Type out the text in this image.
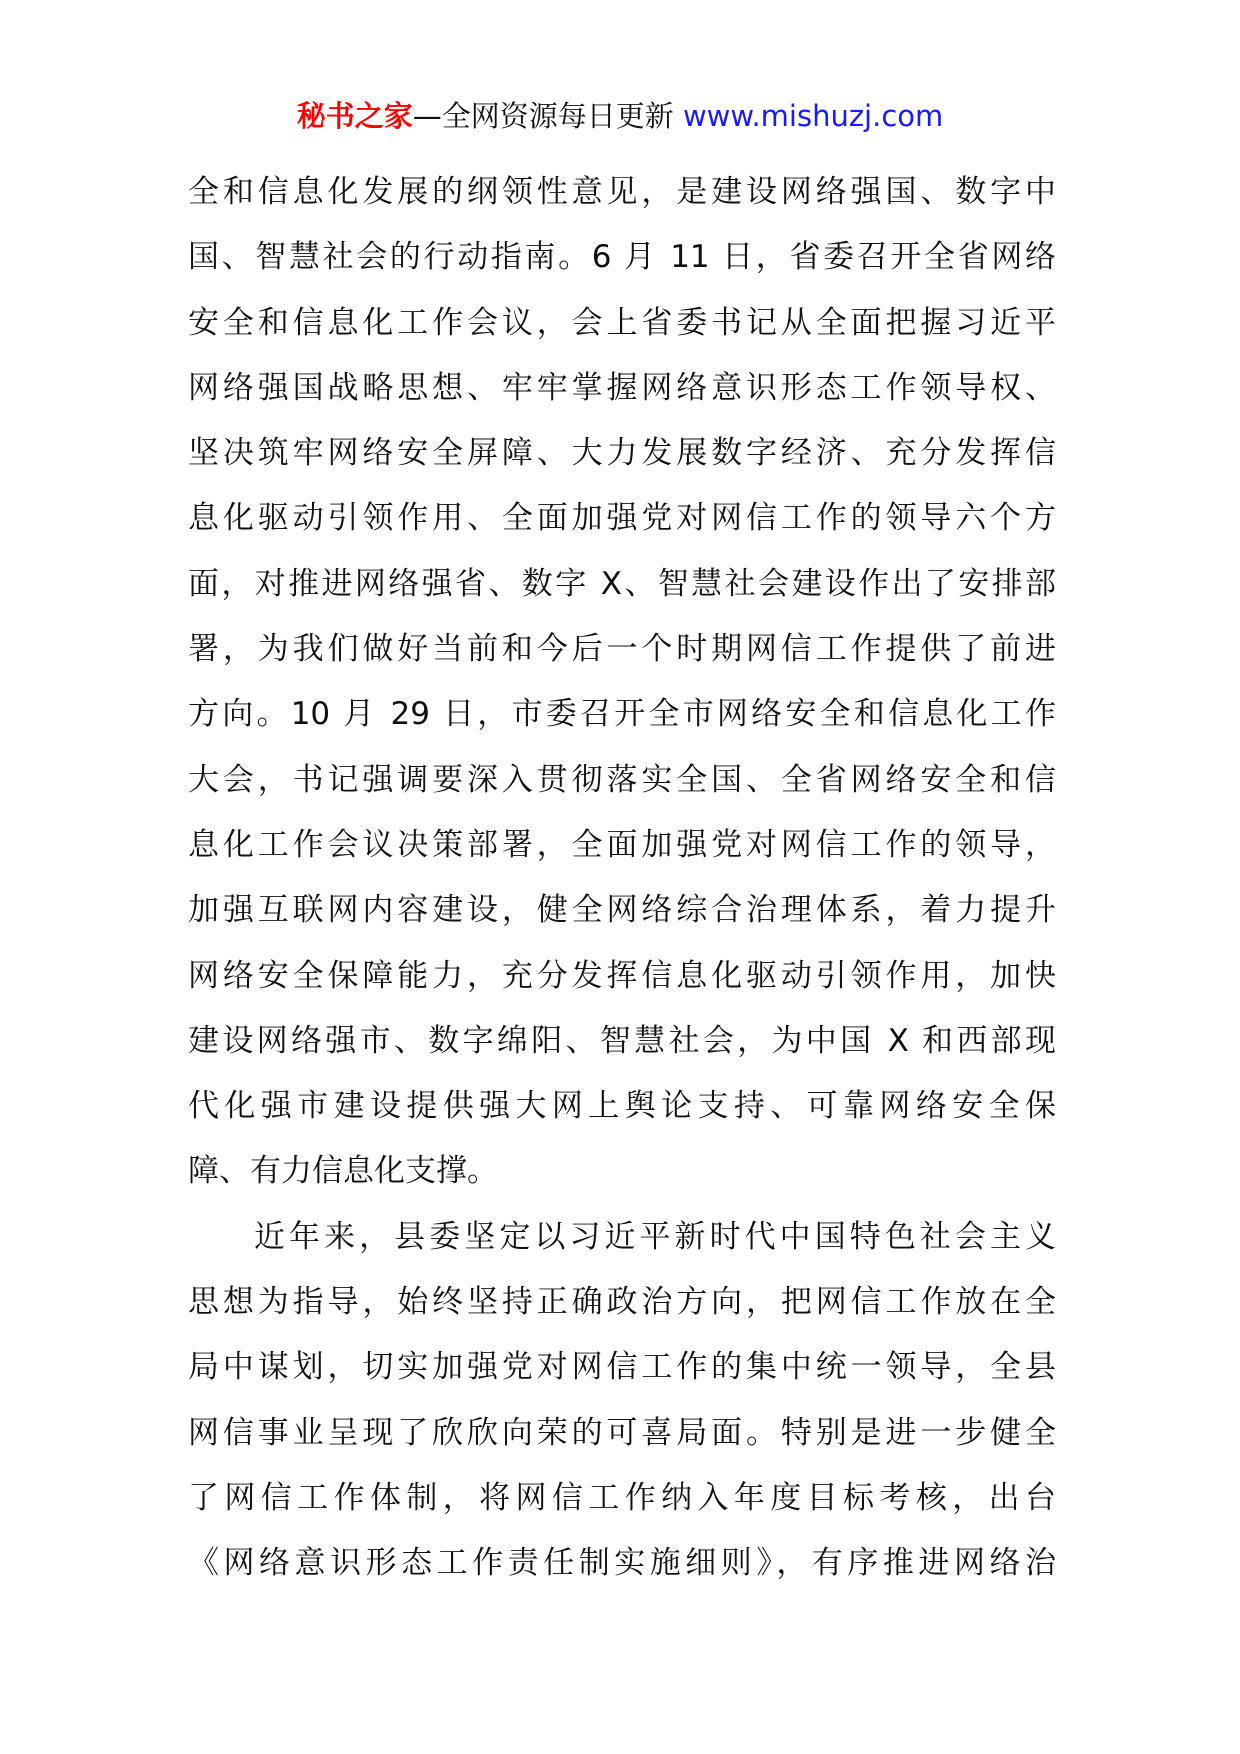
秘书之家—全网资源每日更新 www.mishuzj.com
全和信息化发展的纲领性意见，是建设网络强国、数字中
国、智慧社会的行动指南。6 月 11 日，省委召开全省网络
安全和信息化工作会议，会上省委书记从全面把握习近平
网络强国战略思想、牢牢掌握网络意识形态工作领导权、
坚决筑牢网络安全屏障、大力发展数字经济、充分发挥信
息化驱动引领作用、全面加强党对网信工作的领导六个方
面，对推进网络强省、数字 X、智慧社会建设作出了安排部
署，为我们做好当前和今后一个时期网信工作提供了前进
方向。10 月 29 日，市委召开全市网络安全和信息化工作
大会，书记强调要深入贯彻落实全国、全省网络安全和信
息化工作会议决策部署，全面加强党对网信工作的领导，
加强互联网内容建设，健全网络综合治理体系，着力提升
网络安全保障能力，充分发挥信息化驱动引领作用，加快
建设网络强市、数字绵阳、智慧社会，为中国 X 和西部现
代化强市建设提供强大网上舆论支持、可靠网络安全保
障、有力信息化支撑。
近年来，县委坚定以习近平新时代中国特色社会主义
思想为指导，始终坚持正确政治方向，把网信工作放在全
局中谋划，切实加强党对网信工作的集中统一领导，全县
网信事业呈现了欣欣向荣的可喜局面。特别是进一步健全
了网信工作体制，将网信工作纳入年度目标考核，出台
《网络意识形态工作责任制实施细则》，有序推进网络治
